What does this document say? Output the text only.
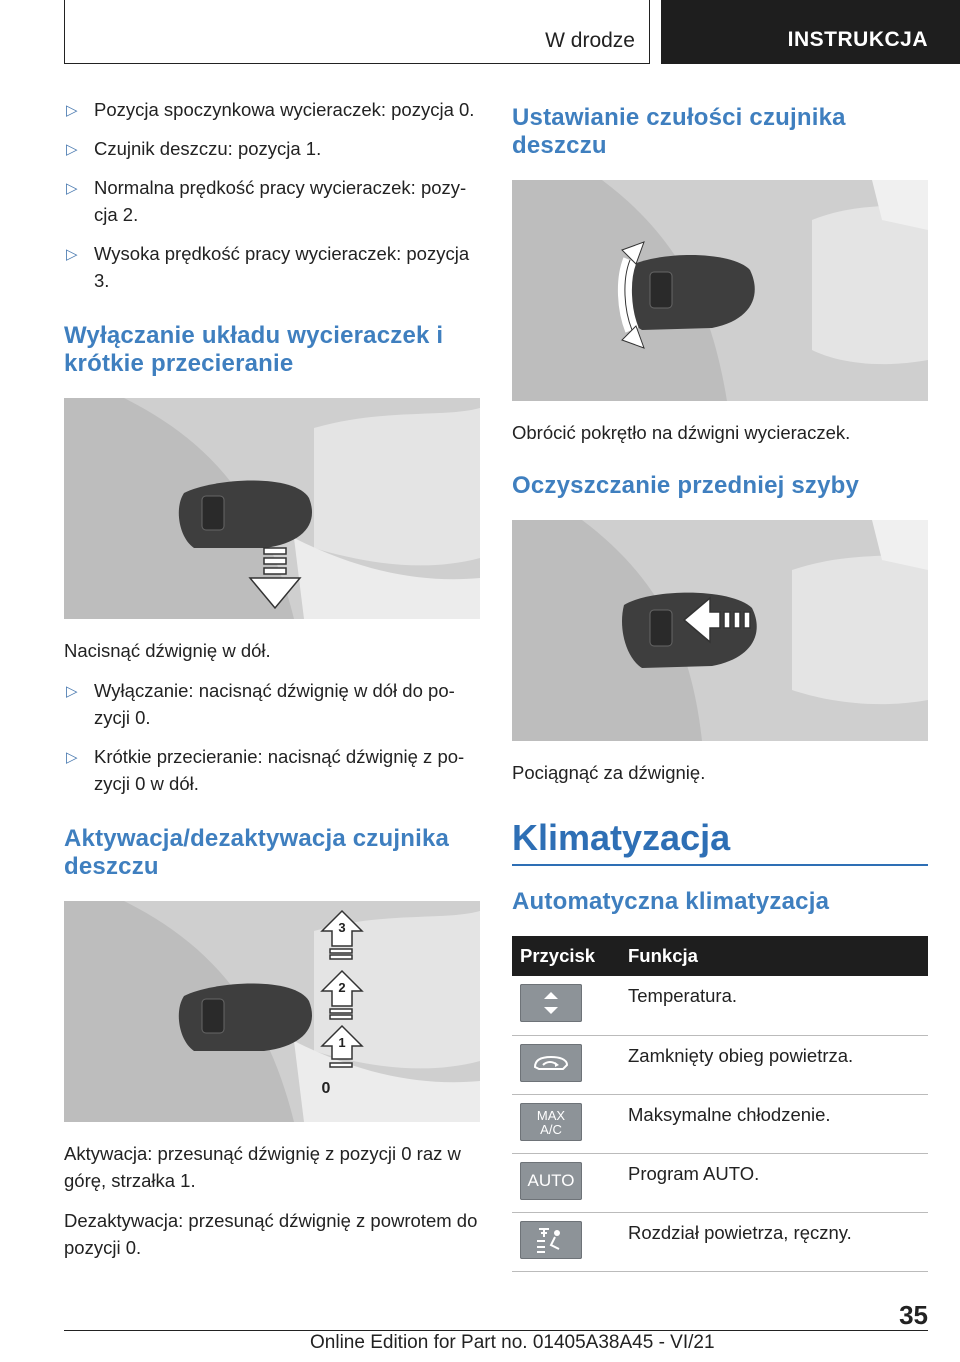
W drodze	INSTRUKCJA
▷ Pozycja spoczynkowa wycieraczek: pozycja 0.
▷ Czujnik deszczu: pozycja 1.
▷ Normalna prędkość pracy wycieraczek: pozy-cja 2.
▷ Wysoka prędkość pracy wycieraczek: pozycja 3.
Wyłączanie układu wycieraczek i krótkie przecieranie

Nacisnąć dźwignię w dół.

▷ Wyłączanie: nacisnąć dźwignię w dół do po-zycji 0.
▷ Krótkie przecieranie: nacisnąć dźwignię z po-zycji 0 w dół.
Aktywacja/dezaktywacja czujnika deszczu
3
2
1
0

Aktywacja: przesunąć dźwignię z pozycji 0 raz w górę, strzałka 1.

Dezaktywacja: przesunąć dźwignię z powrotem do pozycji 0.

Ustawianie czułości czujnika deszczu

Obrócić pokrętło na dźwigni wycieraczek.

Oczyszczanie przedniej szyby

Pociągnąć za dźwignię.

Klimatyzacja
Automatyczna klimatyzacja
Przycisk	Funkcja

	Temperatura.

	Zamknięty obieg powietrza.

MAX
A/C	Maksymalne chłodzenie.

AUTO	Program AUTO.

	Rozdział powietrza, ręczny.
35
Online Edition for Part no. 01405A38A45 - VI/21
